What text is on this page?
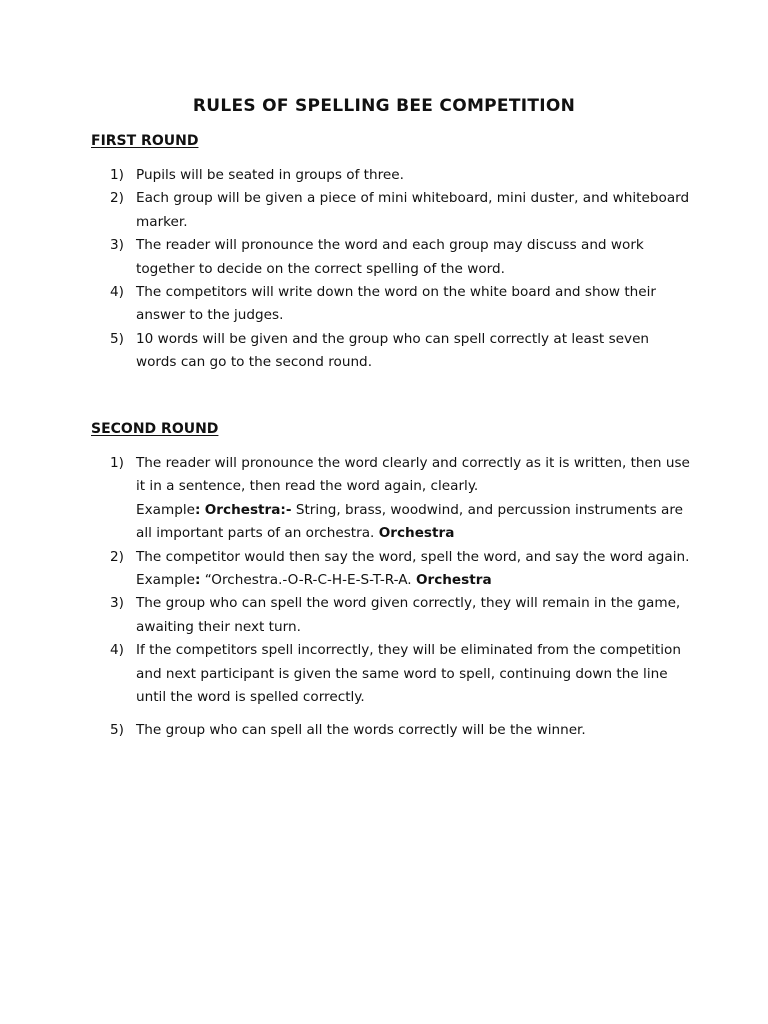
RULES OF SPELLING BEE COMPETITION
FIRST ROUND
1) Pupils will be seated in groups of three.
2) Each group will be given a piece of mini whiteboard, mini duster, and whiteboard marker.
3) The reader will pronounce the word and each group may discuss and work together to decide on the correct spelling of the word.
4) The competitors will write down the word on the white board and show their answer to the judges.
5) 10 words will be given and the group who can spell correctly at least seven words can go to the second round.
SECOND ROUND
1) The reader will pronounce the word clearly and correctly as it is written, then use it in a sentence, then read the word again, clearly.
Example: Orchestra:- String, brass, woodwind, and percussion instruments are all important parts of an orchestra. Orchestra
2) The competitor would then say the word, spell the word, and say the word again.
Example: “Orchestra.-O-R-C-H-E-S-T-R-A. Orchestra
3) The group who can spell the word given correctly, they will remain in the game, awaiting their next turn.
4) If the competitors spell incorrectly, they will be eliminated from the competition and next participant is given the same word to spell, continuing down the line until the word is spelled correctly.
5) The group who can spell all the words correctly will be the winner.
